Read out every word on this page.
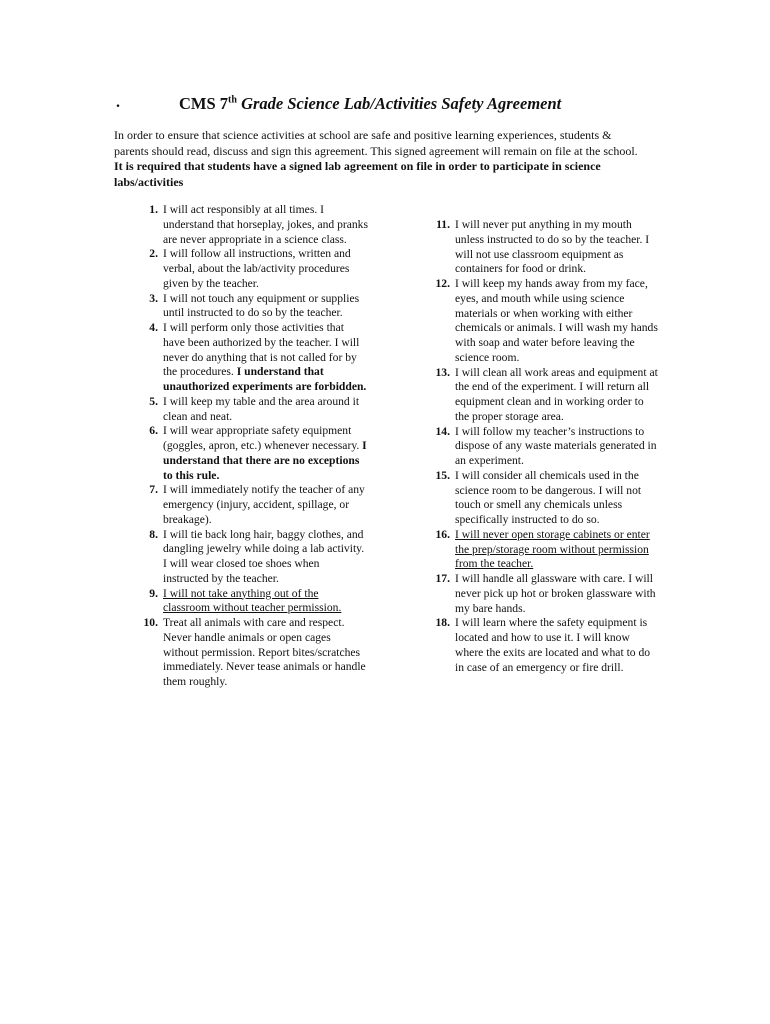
.	CMS 7th Grade Science Lab/Activities Safety Agreement
In order to ensure that science activities at school are safe and positive learning experiences, students & parents should read, discuss and sign this agreement. This signed agreement will remain on file at the school. It is required that students have a signed lab agreement on file in order to participate in science labs/activities
1. I will act responsibly at all times. I understand that horseplay, jokes, and pranks are never appropriate in a science class.
2. I will follow all instructions, written and verbal, about the lab/activity procedures given by the teacher.
3. I will not touch any equipment or supplies until instructed to do so by the teacher.
4. I will perform only those activities that have been authorized by the teacher. I will never do anything that is not called for by the procedures. I understand that unauthorized experiments are forbidden.
5. I will keep my table and the area around it clean and neat.
6. I will wear appropriate safety equipment (goggles, apron, etc.) whenever necessary. I understand that there are no exceptions to this rule.
7. I will immediately notify the teacher of any emergency (injury, accident, spillage, or breakage).
8. I will tie back long hair, baggy clothes, and dangling jewelry while doing a lab activity. I will wear closed toe shoes when instructed by the teacher.
9. I will not take anything out of the classroom without teacher permission.
10. Treat all animals with care and respect. Never handle animals or open cages without permission. Report bites/scratches immediately. Never tease animals or handle them roughly.
11. I will never put anything in my mouth unless instructed to do so by the teacher. I will not use classroom equipment as containers for food or drink.
12. I will keep my hands away from my face, eyes, and mouth while using science materials or when working with either chemicals or animals. I will wash my hands with soap and water before leaving the science room.
13. I will clean all work areas and equipment at the end of the experiment. I will return all equipment clean and in working order to the proper storage area.
14. I will follow my teacher’s instructions to dispose of any waste materials generated in an experiment.
15. I will consider all chemicals used in the science room to be dangerous. I will not touch or smell any chemicals unless specifically instructed to do so.
16. I will never open storage cabinets or enter the prep/storage room without permission from the teacher.
17. I will handle all glassware with care. I will never pick up hot or broken glassware with my bare hands.
18. I will learn where the safety equipment is located and how to use it. I will know where the exits are located and what to do in case of an emergency or fire drill.
